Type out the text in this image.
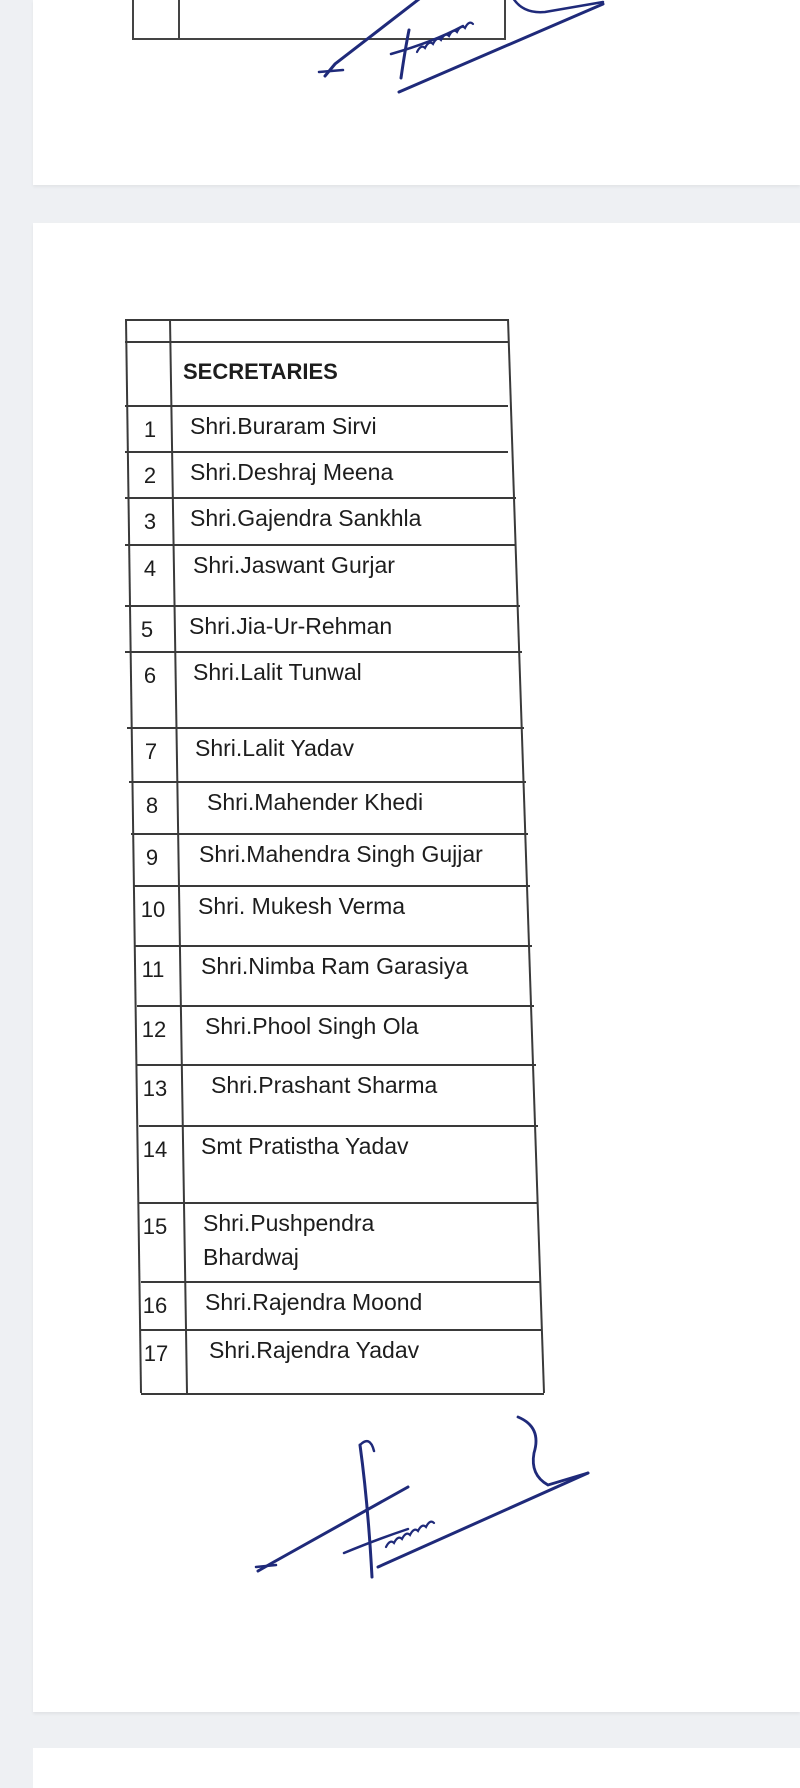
SECRETARIES
1	Shri.Buraram Sirvi
2	Shri.Deshraj Meena
3	Shri.Gajendra Sankhla
4	Shri.Jaswant Gurjar
5	Shri.Jia-Ur-Rehman
6	Shri.Lalit Tunwal
7	Shri.Lalit Yadav
8	Shri.Mahender Khedi
9	Shri.Mahendra Singh Gujjar
10	Shri. Mukesh Verma
11	Shri.Nimba Ram Garasiya
12	Shri.Phool Singh Ola
13	Shri.Prashant Sharma
14	Smt Pratistha Yadav
15	Shri.Pushpendra
Bhardwaj
16	Shri.Rajendra Moond
17	Shri.Rajendra Yadav
